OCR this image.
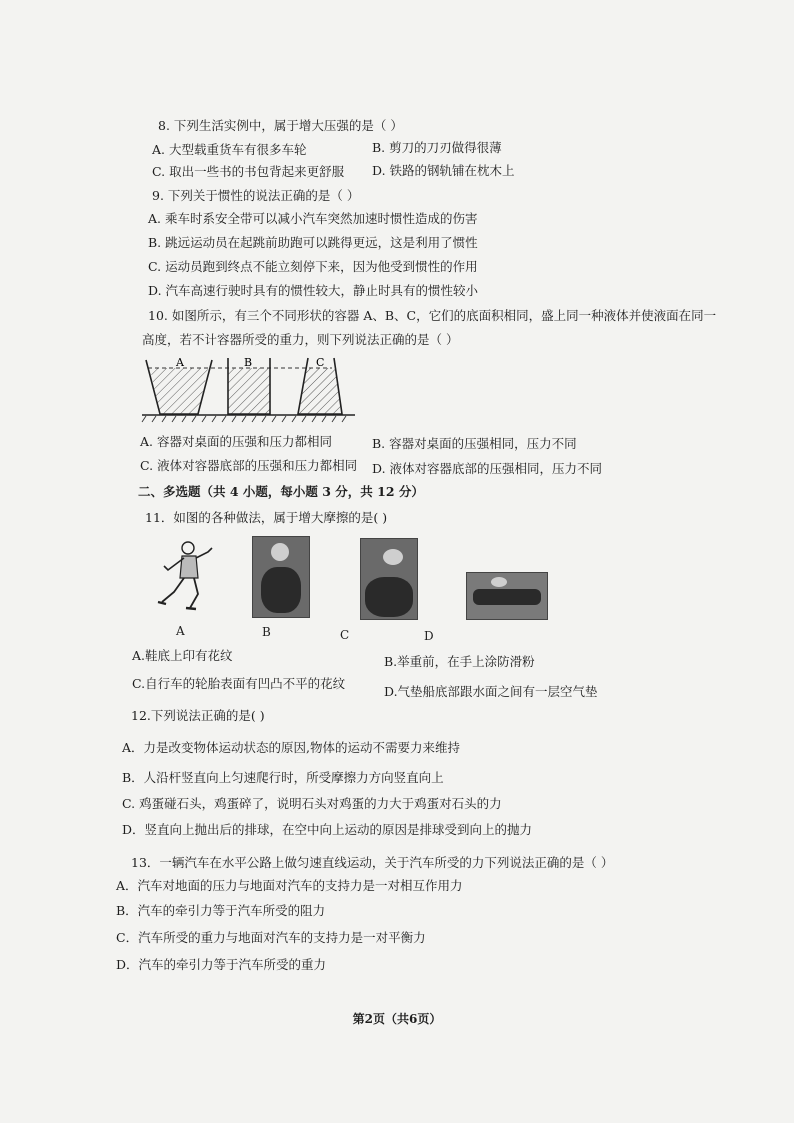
8. 下列生活实例中，属于增大压强的是（ ）
A. 大型载重货车有很多车轮	B. 剪刀的刀刃做得很薄
C. 取出一些书的书包背起来更舒服 D. 铁路的钢轨铺在枕木上
9. 下列关于惯性的说法正确的是（ ）
A. 乘车时系安全带可以减小汽车突然加速时惯性造成的伤害
B. 跳远运动员在起跳前助跑可以跳得更远，这是利用了惯性
C. 运动员跑到终点不能立刻停下来，因为他受到惯性的作用
D. 汽车高速行驶时具有的惯性较大，静止时具有的惯性较小
10. 如图所示，有三个不同形状的容器 A、B、C，它们的底面积相同，盛上同一种液体并使液面在同一
高度，若不计容器所受的重力，则下列说法正确的是（ ）
A	B	C
A. 容器对桌面的压强和压力都相同	B. 容器对桌面的压强相同，压力不同
C. 液体对容器底部的压强和压力都相同 D. 液体对容器底部的压强相同，压力不同
二、多选题（共 4 小题，每小题 3 分，共 12 分）
11．如图的各种做法，属于增大摩擦的是( )
A	B	C	D
A.鞋底上印有花纹	B.举重前，在手上涂防滑粉
C.自行车的轮胎表面有凹凸不平的花纹
D.气垫船底部跟水面之间有一层空气垫
12.下列说法正确的是( )
A．力是改变物体运动状态的原因,物体的运动不需要力来维持
B．人沿杆竖直向上匀速爬行时，所受摩擦力方向竖直向上
C. 鸡蛋碰石头，鸡蛋碎了，说明石头对鸡蛋的力大于鸡蛋对石头的力
D．竖直向上抛出后的排球，在空中向上运动的原因是排球受到向上的抛力
13．一辆汽车在水平公路上做匀速直线运动，关于汽车所受的力下列说法正确的是（ ）
A．汽车对地面的压力与地面对汽车的支持力是一对相互作用力
B．汽车的牵引力等于汽车所受的阻力
C．汽车所受的重力与地面对汽车的支持力是一对平衡力
D．汽车的牵引力等于汽车所受的重力
第2页（共6页）
